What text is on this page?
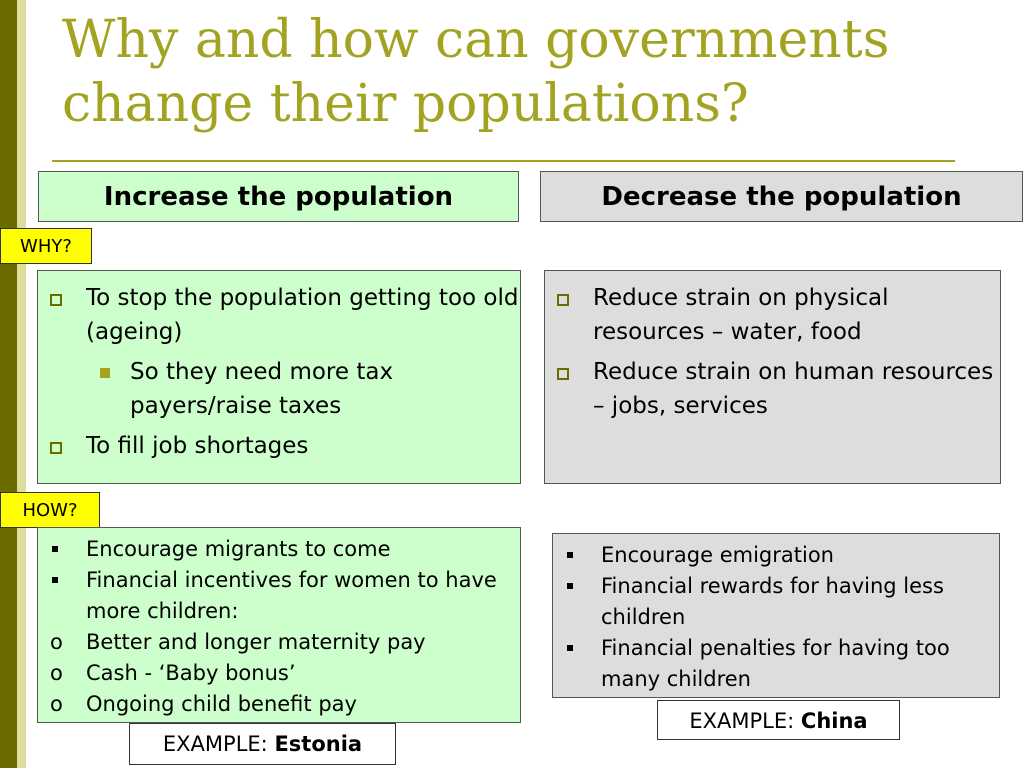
Why and how can governments change their populations?
Increase the population	Decrease the population
WHY?
To stop the population getting too old (ageing)
So they need more tax payers/raise taxes
To fill job shortages
Reduce strain on physical resources – water, food
Reduce strain on human resources – jobs, services
HOW?
Encourage migrants to come
Financial incentives for women to have more children:
o Better and longer maternity pay
o Cash - ‘Baby bonus’
o Ongoing child benefit pay
Encourage emigration
Financial rewards for having less children
Financial penalties for having too many children
EXAMPLE: Estonia
EXAMPLE: China
